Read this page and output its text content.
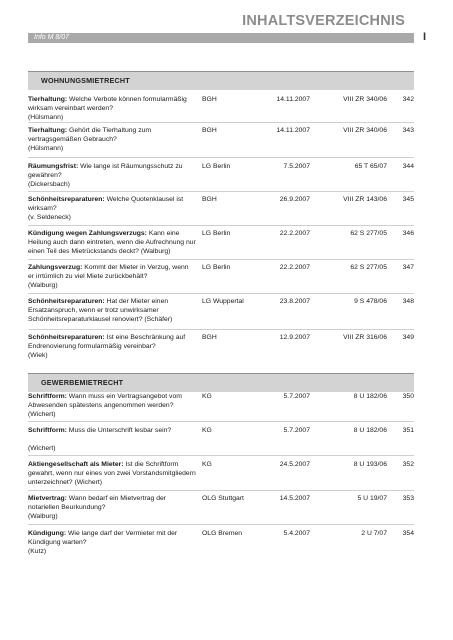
INHALTSVERZEICHNIS
Info M 8/07	I
WOHNUNGSMIETRECHT
Tierhaltung: Welche Verbote können formularmäßig wirksam vereinbart werden?
(Hülsmann)
BGH	14.11.2007	VIII ZR 340/06	342
Tierhaltung: Gehört die Tierhaltung zum vertragsgemäßen Gebrauch?
(Hülsmann)
BGH	14.11.2007	VIII ZR 340/06	343
Räumungsfrist: Wie lange ist Räumungsschutz zu gewähren?
(Dickersbach)
LG Berlin	7.5.2007	65 T 65/07	344
Schönheitsreparaturen: Welche Quotenklausel ist wirksam?
(v. Seldeneck)
BGH	26.9.2007	VIII ZR 143/06	345
Kündigung wegen Zahlungsverzugs: Kann eine Heilung auch dann eintreten, wenn die Aufrechnung nur einen Teil des Mietrückstands deckt? (Walburg)
LG Berlin	22.2.2007	62 S 277/05	346
Zahlungsverzug: Kommt der Mieter in Verzug, wenn er irrtümlich zu viel Miete zurückbehält?
(Walburg)
LG Berlin	22.2.2007	62 S 277/05	347
Schönheitsreparaturen: Hat der Mieter einen Ersatzanspruch, wenn er trotz unwirksamer Schönheitsreparaturklausel renoviert? (Schäfer)
LG Wuppertal	23.8.2007	9 S 478/06	348
Schönheitsreparaturen: Ist eine Beschränkung auf Endrenovierung formularmäßig vereinbar?
(Wiek)
BGH	12.9.2007	VIII ZR 316/06	349
GEWERBEMIETRECHT
Schriftform: Wann muss ein Vertragsangebot vom Abwesenden spätestens angenommen werden?
(Wichert)
KG	5.7.2007	8 U 182/06	350
Schriftform: Muss die Unterschrift lesbar sein?
(Wichert)
KG	5.7.2007	8 U 182/06	351
Aktiengesellschaft als Mieter: Ist die Schriftform gewahrt, wenn nur eines von zwei Vorstandsmitgliedern unterzeichnet? (Wichert)
KG	24.5.2007	8 U 193/06	352
Mietvertrag: Wann bedarf ein Mietvertrag der notariellen Beurkundung?
(Walburg)
OLG Stuttgart	14.5.2007	5 U 19/07	353
Kündigung: Wie lange darf der Vermieter mit der Kündigung warten?
(Kutz)
OLG Bremen	5.4.2007	2 U 7/07	354
